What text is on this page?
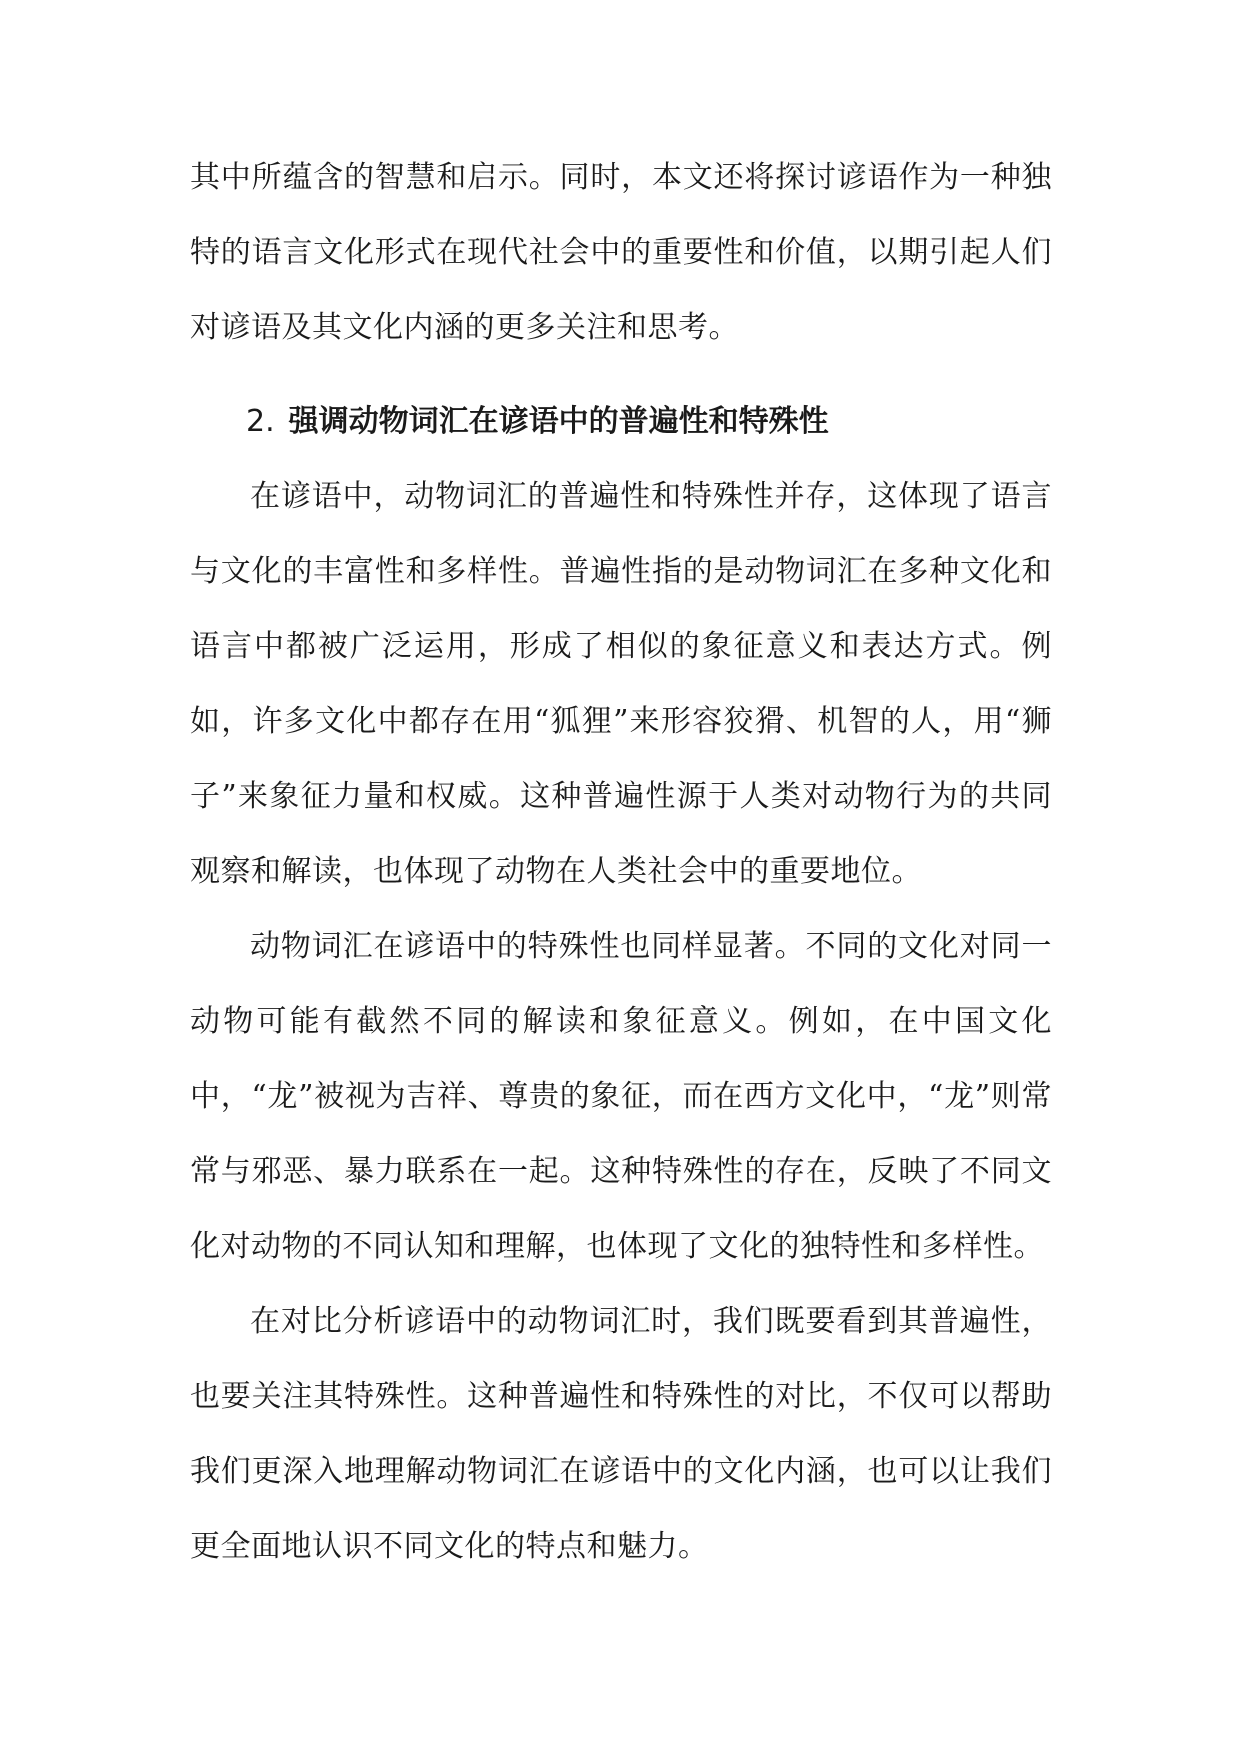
其中所蕴含的智慧和启示。同时，本文还将探讨谚语作为一种独特的语言文化形式在现代社会中的重要性和价值，以期引起人们对谚语及其文化内涵的更多关注和思考。

2. 强调动物词汇在谚语中的普遍性和特殊性

在谚语中，动物词汇的普遍性和特殊性并存，这体现了语言与文化的丰富性和多样性。普遍性指的是动物词汇在多种文化和语言中都被广泛运用，形成了相似的象征意义和表达方式。例如，许多文化中都存在用“狐狸”来形容狡猾、机智的人，用“狮子”来象征力量和权威。这种普遍性源于人类对动物行为的共同观察和解读，也体现了动物在人类社会中的重要地位。

动物词汇在谚语中的特殊性也同样显著。不同的文化对同一动物可能有截然不同的解读和象征意义。例如，在中国文化中，“龙”被视为吉祥、尊贵的象征，而在西方文化中，“龙”则常常与邪恶、暴力联系在一起。这种特殊性的存在，反映了不同文化对动物的不同认知和理解，也体现了文化的独特性和多样性。

在对比分析谚语中的动物词汇时，我们既要看到其普遍性，也要关注其特殊性。这种普遍性和特殊性的对比，不仅可以帮助我们更深入地理解动物词汇在谚语中的文化内涵，也可以让我们更全面地认识不同文化的特点和魅力。
